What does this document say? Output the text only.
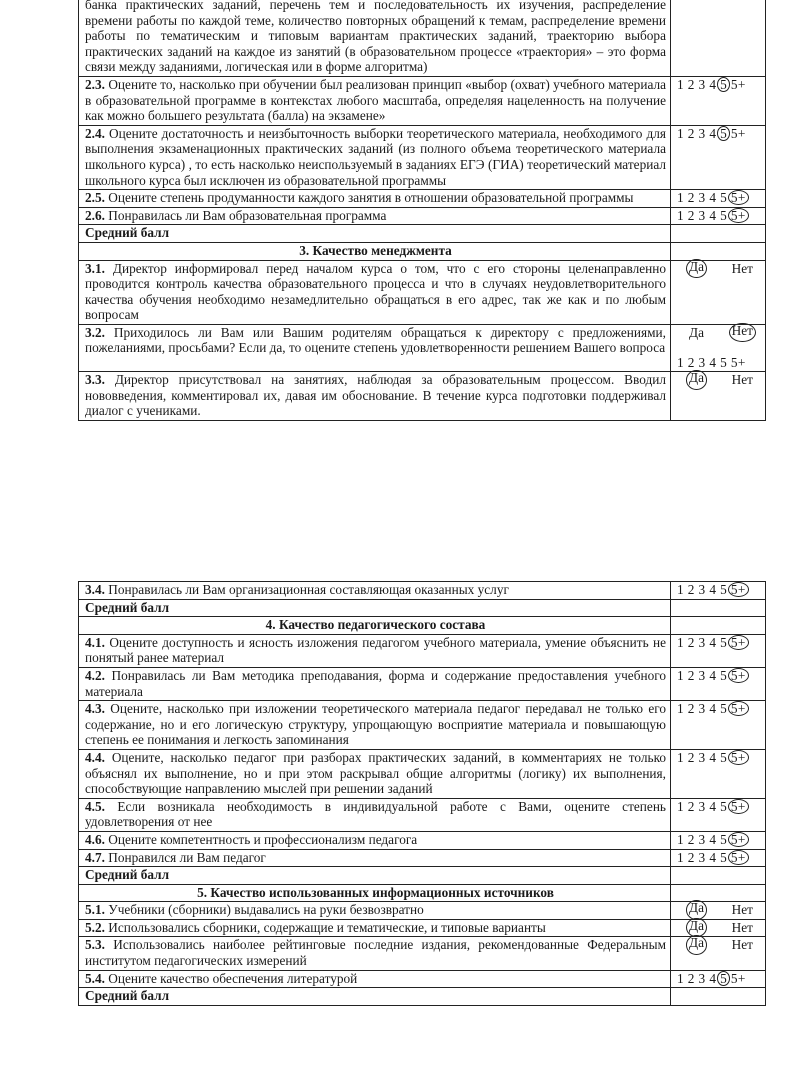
банка практических заданий, перечень тем и последовательность их изучения, распределение времени работы по каждой теме, количество повторных обращений к темам, распределение времени работы по тематическим и типовым вариантам практических заданий, траекторию выбора практических заданий на каждое из занятий (в образовательном процессе «траектория» – это форма связи между заданиями, логическая или в форме алгоритма)	
2.3. Оцените то, насколько при обучении был реализован принцип «выбор (охват) учебного материала в образовательной программе в контекстах любого масштаба, определяя нацеленность на получение как можно большего результата (балла) на экзамене»	1 2 3 4 5 5+
2.4. Оцените достаточность и неизбыточность выборки теоретического материала, необходимого для выполнения экзаменационных практических заданий (из полного объема теоретического материала школьного курса) , то есть насколько неиспользуемый в заданиях ЕГЭ (ГИА) теоретический материал школьного курса был исключен из образовательной программы	1 2 3 4 5 5+
2.5. Оцените степень продуманности каждого занятия в отношении образовательной программы	1 2 3 4 5 5+
2.6. Понравилась ли Вам образовательная программа	1 2 3 4 5 5+
Средний балл	
3. Качество менеджмента	
3.1. Директор информировал перед началом курса о том, что с его стороны целенаправленно проводится контроль качества образовательного процесса и что в случаях неудовлетворительного качества обучения необходимо незамедлительно обращаться в его адрес, так же как и по любым вопросам	Да Нет

3.2. Приходилось ли Вам или Вашим родителям обращаться к директору с предложениями, пожеланиями, просьбами? Если да, то оцените степень удовлетворенности решением Вашего вопроса	Да Нет
1 2 3 4 5 5+

3.3. Директор присутствовал на занятиях, наблюдая за образовательным процессом. Вводил нововведения, комментировал их, давая им обоснование. В течение курса подготовки поддерживал диалог с учениками.	Да Нет
3.4. Понравилась ли Вам организационная составляющая оказанных услуг	1 2 3 4 5 5+
Средний балл	
4. Качество педагогического состава	
4.1. Оцените доступность и ясность изложения педагогом учебного материала, умение объяснить не понятый ранее материал	1 2 3 4 5 5+
4.2. Понравилась ли Вам методика преподавания, форма и содержание предоставления учебного материала	1 2 3 4 5 5+
4.3. Оцените, насколько при изложении теоретического материала педагог передавал не только его содержание, но и его логическую структуру, упрощающую восприятие материала и повышающую степень ее понимания и легкость запоминания	1 2 3 4 5 5+
4.4. Оцените, насколько педагог при разборах практических заданий, в комментариях не только объяснял их выполнение, но и при этом раскрывал общие алгоритмы (логику) их выполнения, способствующие направлению мыслей при решении заданий	1 2 3 4 5 5+
4.5. Если возникала необходимость в индивидуальной работе с Вами, оцените степень удовлетворения от нее	1 2 3 4 5 5+
4.6. Оцените компетентность и профессионализм педагога	1 2 3 4 5 5+
4.7. Понравился ли Вам педагог	1 2 3 4 5 5+
Средний балл	
5. Качество использованных информационных источников	
5.1. Учебники (сборники) выдавались на руки безвозвратно	Да Нет

5.2. Использовались сборники, содержащие и тематические, и типовые варианты	Да Нет

5.3. Использовались наиболее рейтинговые последние издания, рекомендованные Федеральным институтом педагогических измерений	Да Нет

5.4. Оцените качество обеспечения литературой	1 2 3 4 5 5+
Средний балл	
